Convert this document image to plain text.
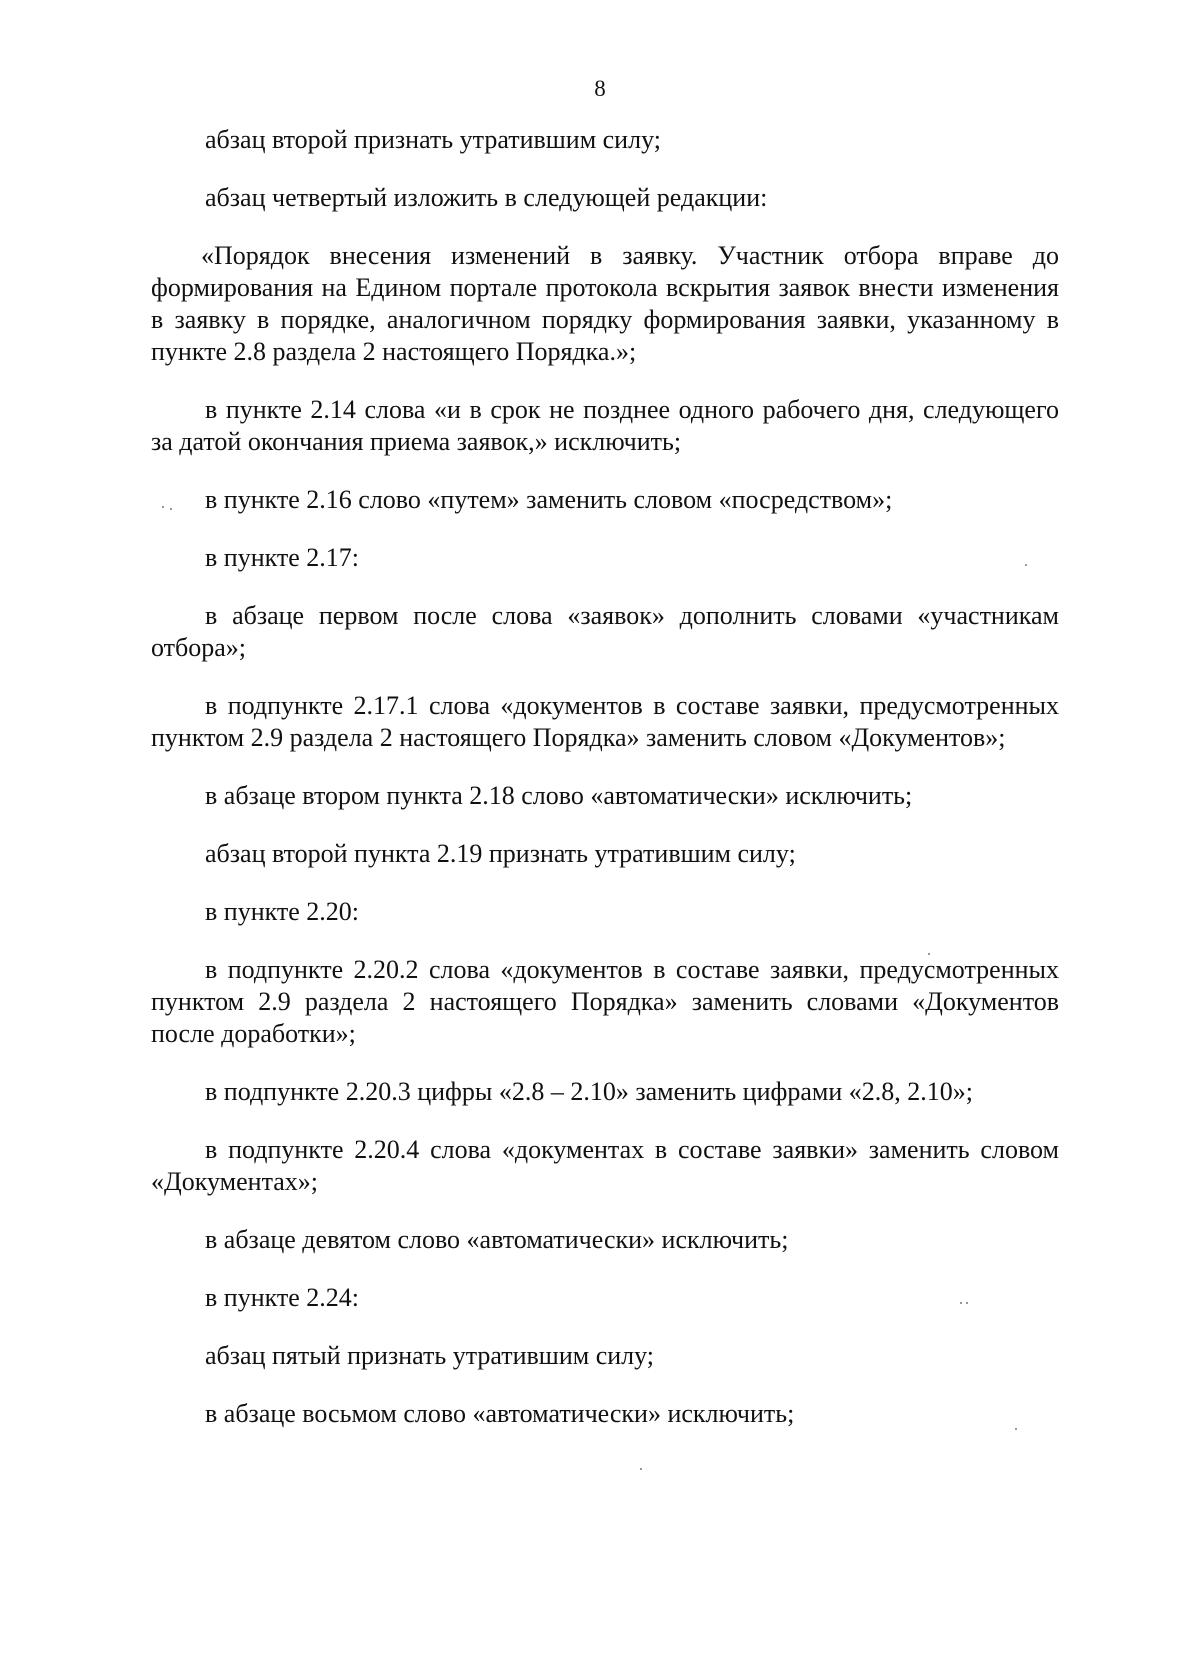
8

абзац второй признать утратившим силу;

абзац четвертый изложить в следующей редакции:

«Порядок внесения изменений в заявку. Участник отбора вправе до формирования на Едином портале протокола вскрытия заявок внести изменения в заявку в порядке, аналогичном порядку формирования заявки, указанному в пункте 2.8 раздела 2 настоящего Порядка.»;

в пункте 2.14 слова «и в срок не позднее одного рабочего дня, следующего за датой окончания приема заявок,» исключить;

в пункте 2.16 слово «путем» заменить словом «посредством»;

в пункте 2.17:

в абзаце первом после слова «заявок» дополнить словами «участникам отбора»;

в подпункте 2.17.1 слова «документов в составе заявки, предусмотренных пунктом 2.9 раздела 2 настоящего Порядка» заменить словом «Документов»;

в абзаце втором пункта 2.18 слово «автоматически» исключить;

абзац второй пункта 2.19 признать утратившим силу;

в пункте 2.20:

в подпункте 2.20.2 слова «документов в составе заявки, предусмотренных пунктом 2.9 раздела 2 настоящего Порядка» заменить словами «Документов после доработки»;

в подпункте 2.20.3 цифры «2.8 – 2.10» заменить цифрами «2.8, 2.10»;

в подпункте 2.20.4 слова «документах в составе заявки» заменить словом «Документах»;

в абзаце девятом слово «автоматически» исключить;

в пункте 2.24:

абзац пятый признать утратившим силу;

в абзаце восьмом слово «автоматически» исключить;
